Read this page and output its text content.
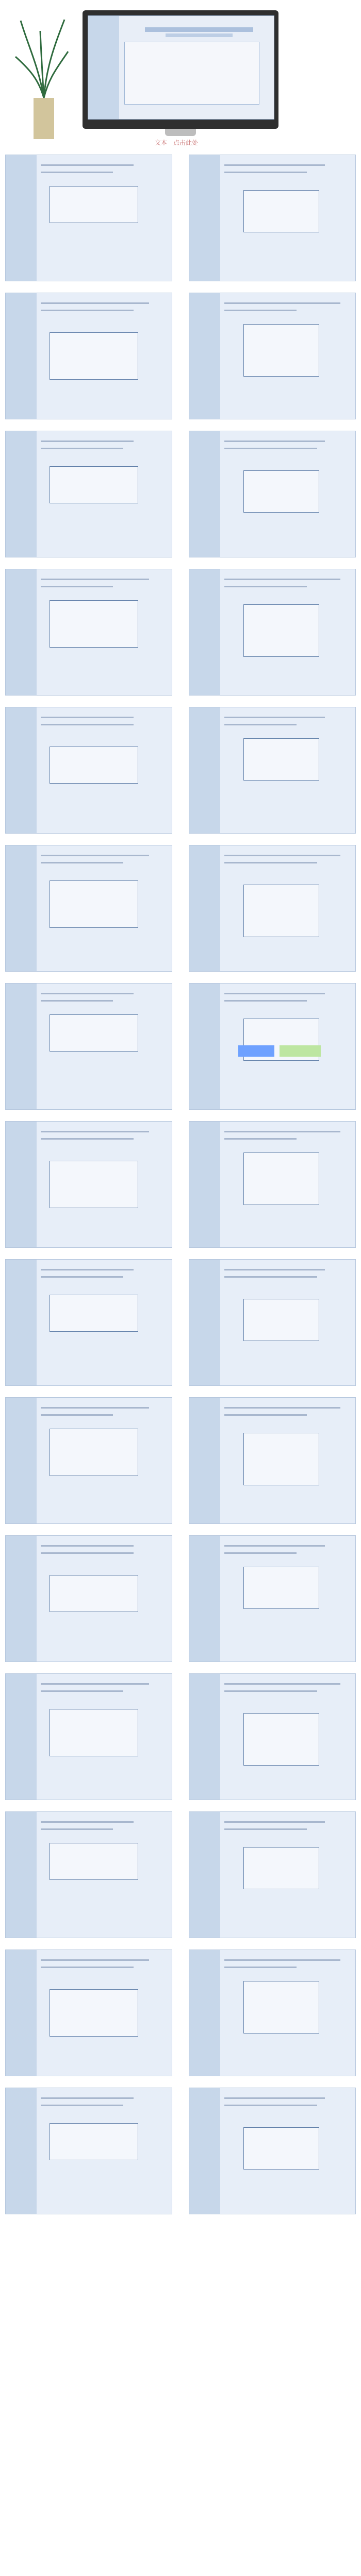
文本 点击此处
